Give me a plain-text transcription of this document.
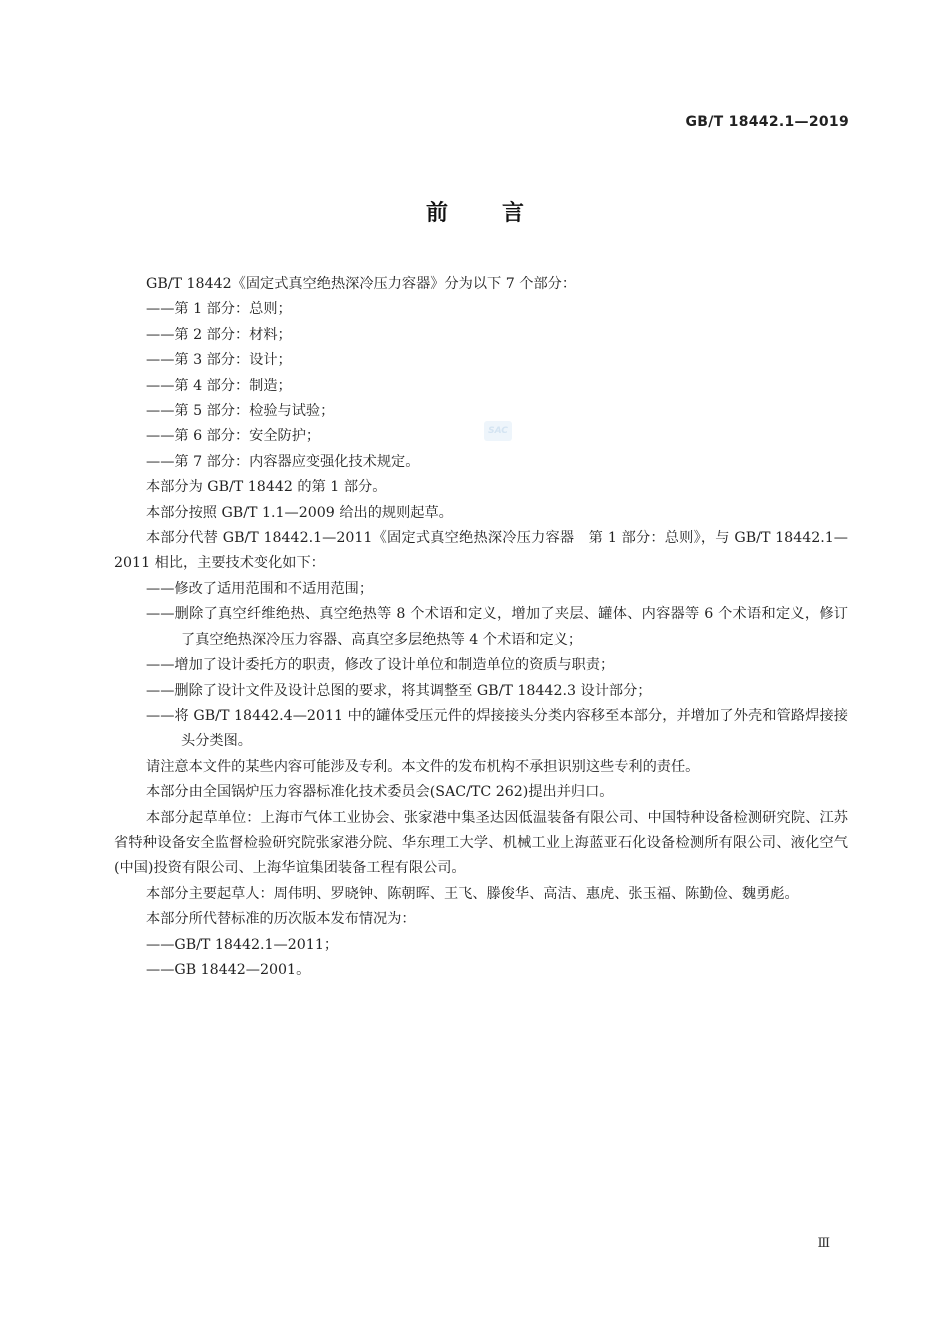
GB/T 18442.1—2019
前言
SAC

GB/T 18442《固定式真空绝热深冷压力容器》分为以下 7 个部分：

——第 1 部分：总则；

——第 2 部分：材料；

——第 3 部分：设计；

——第 4 部分：制造；

——第 5 部分：检验与试验；

——第 6 部分：安全防护；

——第 7 部分：内容器应变强化技术规定。

本部分为 GB/T 18442 的第 1 部分。

本部分按照 GB/T 1.1—2009 给出的规则起草。

本部分代替 GB/T 18442.1—2011《固定式真空绝热深冷压力容器　第 1 部分：总则》，与 GB/T 18442.1—2011 相比，主要技术变化如下：

——修改了适用范围和不适用范围；

——删除了真空纤维绝热、真空绝热等 8 个术语和定义，增加了夹层、罐体、内容器等 6 个术语和定义，修订了真空绝热深冷压力容器、高真空多层绝热等 4 个术语和定义；

——增加了设计委托方的职责，修改了设计单位和制造单位的资质与职责；

——删除了设计文件及设计总图的要求，将其调整至 GB/T 18442.3 设计部分；

——将 GB/T 18442.4—2011 中的罐体受压元件的焊接接头分类内容移至本部分，并增加了外壳和管路焊接接头分类图。

请注意本文件的某些内容可能涉及专利。本文件的发布机构不承担识别这些专利的责任。

本部分由全国锅炉压力容器标准化技术委员会(SAC/TC 262)提出并归口。

本部分起草单位：上海市气体工业协会、张家港中集圣达因低温装备有限公司、中国特种设备检测研究院、江苏省特种设备安全监督检验研究院张家港分院、华东理工大学、机械工业上海蓝亚石化设备检测所有限公司、液化空气(中国)投资有限公司、上海华谊集团装备工程有限公司。

本部分主要起草人：周伟明、罗晓钟、陈朝晖、王飞、滕俊华、高洁、惠虎、张玉福、陈勤俭、魏勇彪。

本部分所代替标准的历次版本发布情况为：

——GB/T 18442.1—2011；

——GB 18442—2001。

Ⅲ
